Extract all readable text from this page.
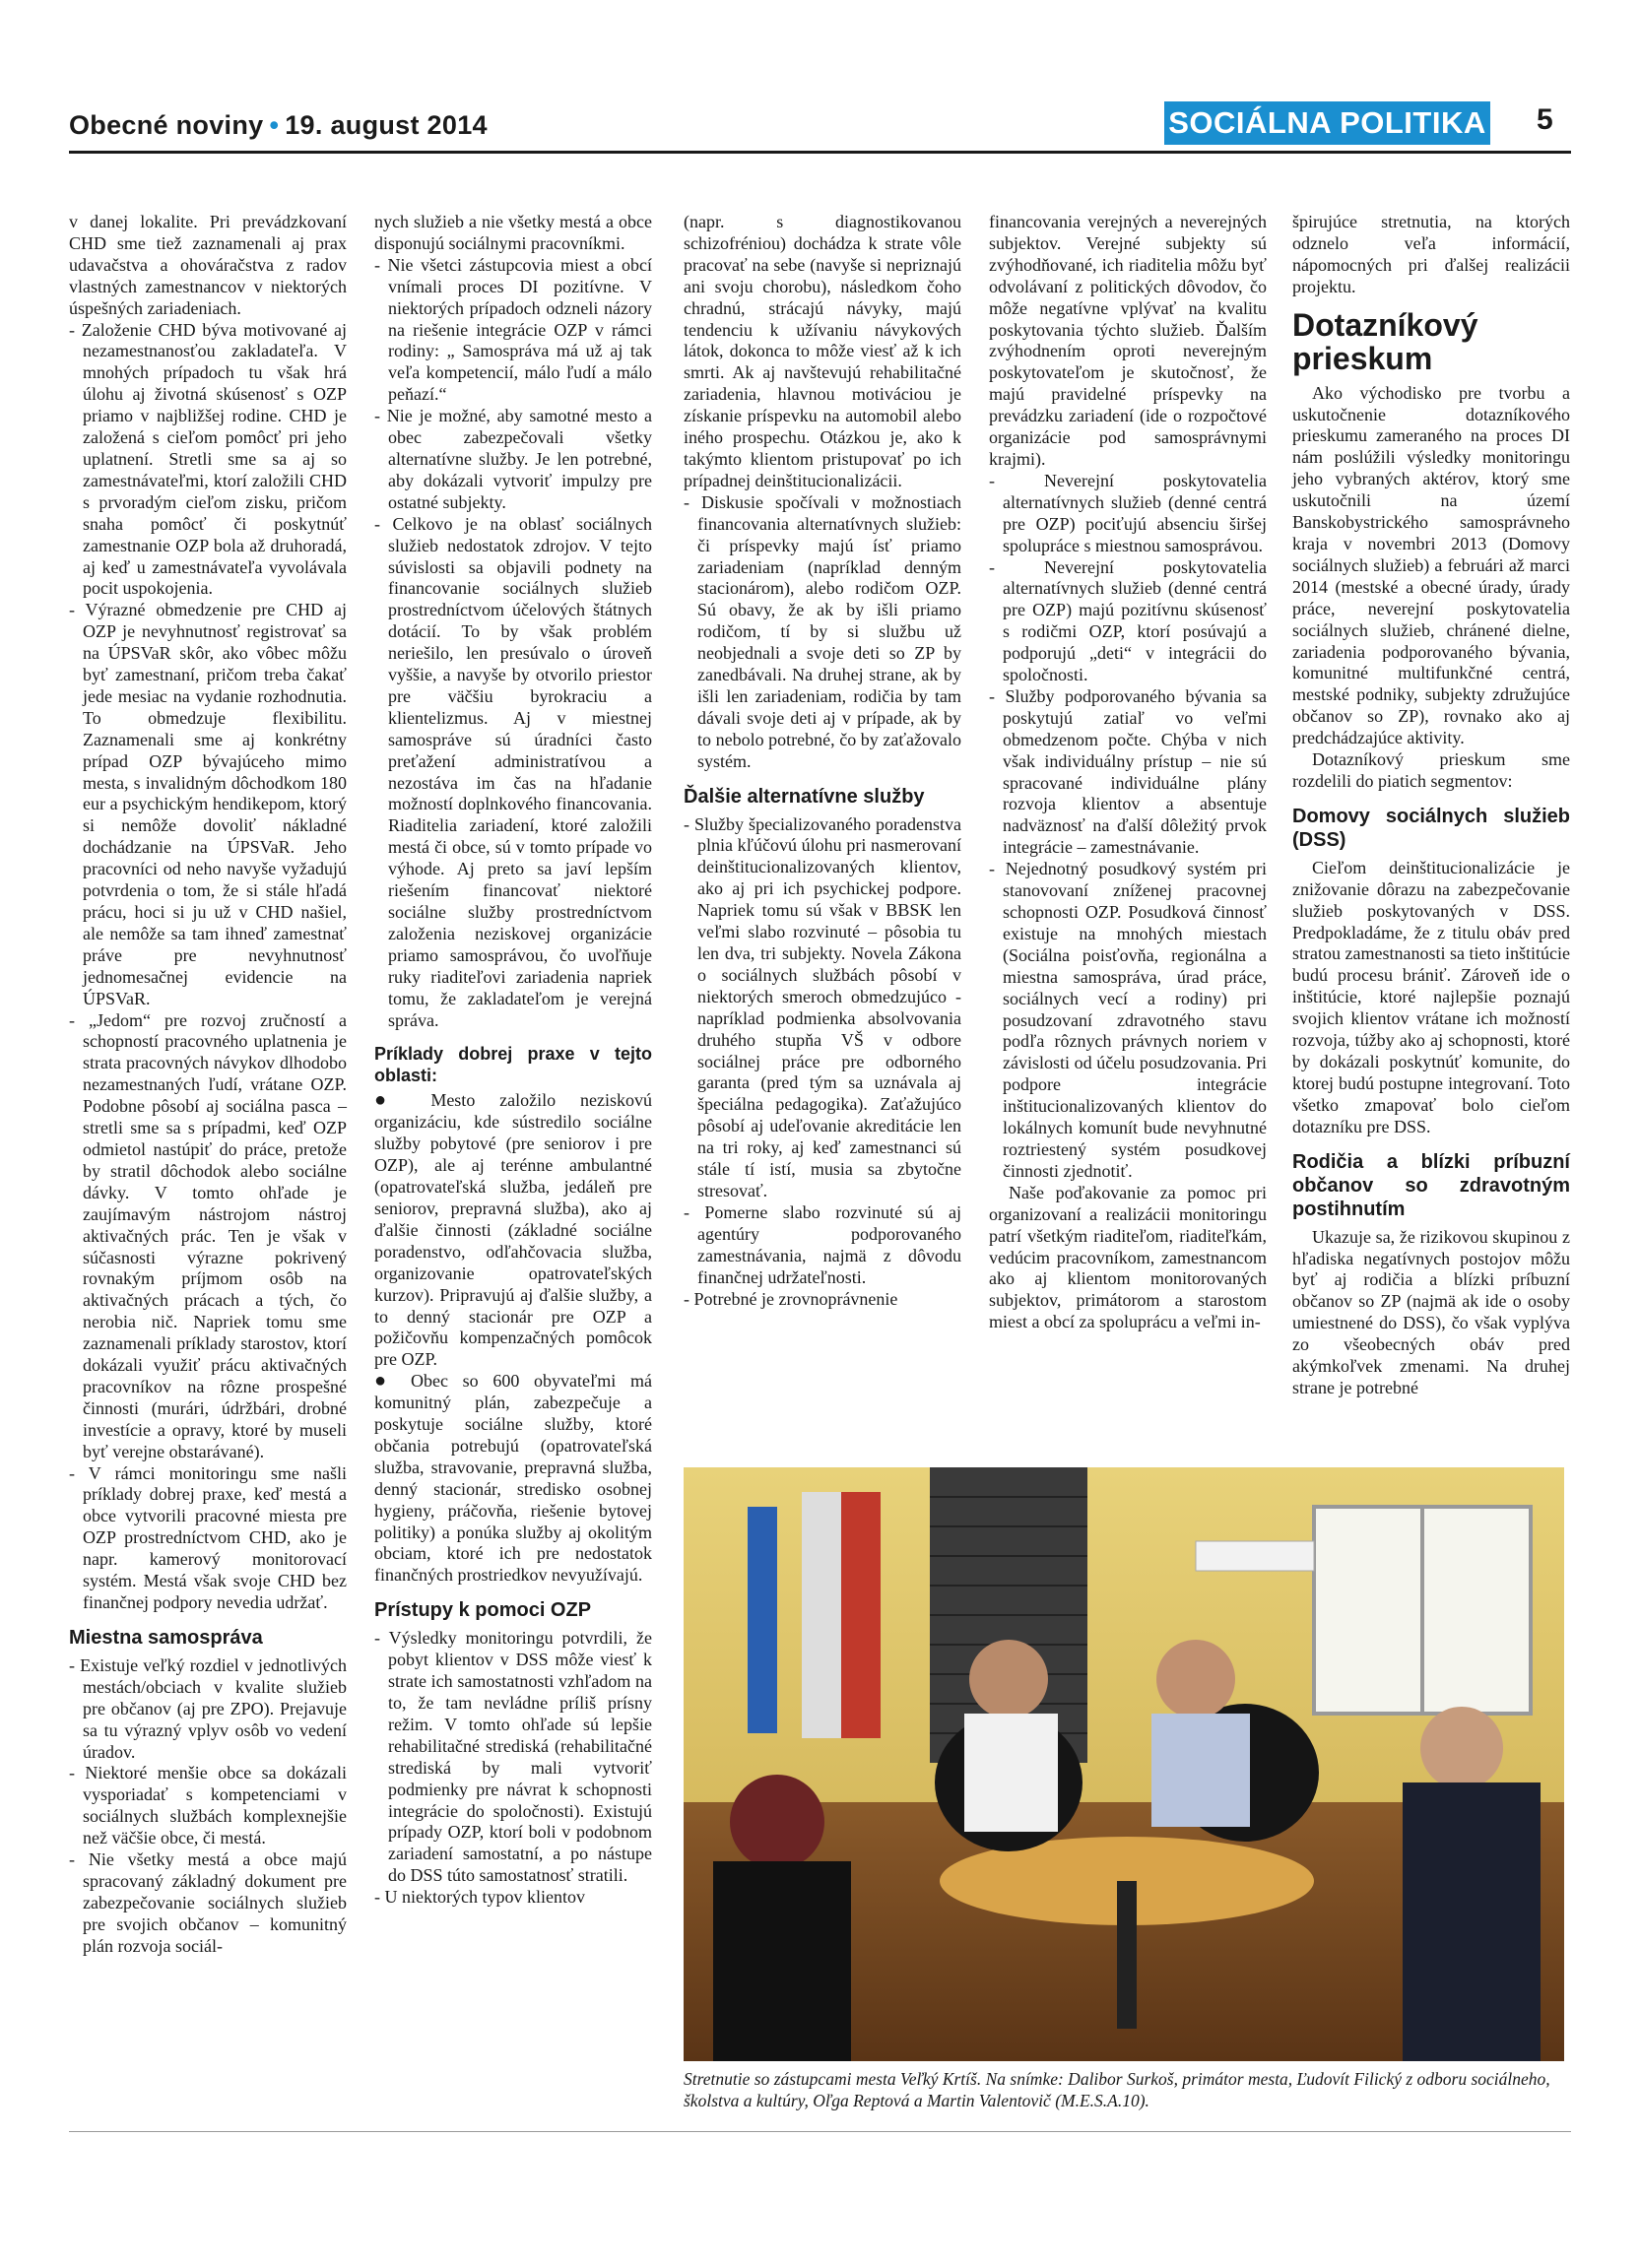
Obecné noviny • 19. august 2014	SOCIÁLNA POLITIKA 5

v danej lokalite. Pri prevádzkovaní CHD sme tiež zaznamenali aj prax udavačstva a ohováračstva z radov vlastných zamestnancov v niektorých úspešných zariadeniach.

- Založenie CHD býva motivované aj nezamestnanosťou zakladateľa. V mnohých prípadoch tu však hrá úlohu aj životná skúsenosť s OZP priamo v najbližšej rodine. CHD je založená s cieľom pomôcť pri jeho uplatnení. Stretli sme sa aj so zamestnávateľmi, ktorí založili CHD s prvoradým cieľom zisku, pričom snaha pomôcť či poskytnúť zamestnanie OZP bola až druhoradá, aj keď u zamestnávateľa vyvolávala pocit uspokojenia.

- Výrazné obmedzenie pre CHD aj OZP je nevyhnutnosť registrovať sa na ÚPSVaR skôr, ako vôbec môžu byť zamestnaní, pričom treba čakať jede mesiac na vydanie rozhodnutia. To obmedzuje flexibilitu. Zaznamenali sme aj konkrétny prípad OZP bývajúceho mimo mesta, s invalidným dôchodkom 180 eur a psychickým hendikepom, ktorý si nemôže dovoliť nákladné dochádzanie na ÚPSVaR. Jeho pracovníci od neho navyše vyžadujú potvrdenia o tom, že si stále hľadá prácu, hoci si ju už v CHD našiel, ale nemôže sa tam ihneď zamestnať práve pre nevyhnutnosť jednomesačnej evidencie na ÚPSVaR.

- „Jedom“ pre rozvoj zručností a schopností pracovného uplatnenia je strata pracovných návykov dlhodobo nezamestnaných ľudí, vrátane OZP. Podobne pôsobí aj sociálna pasca – stretli sme sa s prípadmi, keď OZP odmietol nastúpiť do práce, pretože by stratil dôchodok alebo sociálne dávky. V tomto ohľade je zaujímavým nástrojom nástroj aktivačných prác. Ten je však v súčasnosti výrazne pokrivený rovnakým príjmom osôb na aktivačných prácach a tých, čo nerobia nič. Napriek tomu sme zaznamenali príklady starostov, ktorí dokázali využiť prácu aktivačných pracovníkov na rôzne prospešné činnosti (murári, údržbári, drobné investície a opravy, ktoré by museli byť verejne obstarávané).

- V rámci monitoringu sme našli príklady dobrej praxe, keď mestá a obce vytvorili pracovné miesta pre OZP prostredníctvom CHD, ako je napr. kamerový monitorovací systém. Mestá však svoje CHD bez finančnej podpory nevedia udržať.

Miestna samospráva

- Existuje veľký rozdiel v jednotlivých mestách/obciach v kvalite služieb pre občanov (aj pre ZPO). Prejavuje sa tu výrazný vplyv osôb vo vedení úradov.

- Niektoré menšie obce sa dokázali vysporiadať s kompetenciami v sociálnych službách komplexnejšie než väčšie obce, či mestá.

- Nie všetky mestá a obce majú spracovaný základný dokument pre zabezpečovanie sociálnych služieb pre svojich občanov – komunitný plán rozvoja sociál-

nych služieb a nie všetky mestá a obce disponujú sociálnymi pracovníkmi.

- Nie všetci zástupcovia miest a obcí vnímali proces DI pozitívne. V niektorých prípadoch odzneli názory na riešenie integrácie OZP v rámci rodiny: „ Samospráva má už aj tak veľa kompetencií, málo ľudí a málo peňazí.“

- Nie je možné, aby samotné mesto a obec zabezpečovali všetky alternatívne služby. Je len potrebné, aby dokázali vytvoriť impulzy pre ostatné subjekty.

- Celkovo je na oblasť sociálnych služieb nedostatok zdrojov. V tejto súvislosti sa objavili podnety na financovanie sociálnych služieb prostredníctvom účelových štátnych dotácií. To by však problém neriešilo, len presúvalo o úroveň vyššie, a navyše by otvorilo priestor pre väčšiu byrokraciu a klientelizmus. Aj v miestnej samospráve sú úradníci často preťažení administratívou a nezostáva im čas na hľadanie možností doplnkového financovania. Riaditelia zariadení, ktoré založili mestá či obce, sú v tomto prípade vo výhode. Aj preto sa javí lepším riešením financovať niektoré sociálne služby prostredníctvom založenia neziskovej organizácie priamo samosprávou, čo uvoľňuje ruky riaditeľovi zariadenia napriek tomu, že zakladateľom je verejná správa.

Príklady dobrej praxe v tejto oblasti:

● Mesto založilo neziskovú organizáciu, kde sústredilo sociálne služby pobytové (pre seniorov i pre OZP), ale aj terénne ambulantné (opatrovateľská služba, jedáleň pre seniorov, prepravná služba), ako aj ďalšie činnosti (základné sociálne poradenstvo, odľahčovacia služba, organizovanie opatrovateľských kurzov). Pripravujú aj ďalšie služby, a to denný stacionár pre OZP a požičovňu kompenzačných pomôcok pre OZP.

● Obec so 600 obyvateľmi má komunitný plán, zabezpečuje a poskytuje sociálne služby, ktoré občania potrebujú (opatrovateľská služba, stravovanie, prepravná služba, denný stacionár, stredisko osobnej hygieny, práčovňa, riešenie bytovej politiky) a ponúka služby aj okolitým obciam, ktoré ich pre nedostatok finančných prostriedkov nevyužívajú.

Prístupy k pomoci OZP

- Výsledky monitoringu potvrdili, že pobyt klientov v DSS môže viesť k strate ich samostatnosti vzhľadom na to, že tam nevládne príliš prísny režim. V tomto ohľade sú lepšie rehabilitačné strediská (rehabilitačné strediská by mali vytvoriť podmienky pre návrat k schopnosti integrácie do spoločnosti). Existujú prípady OZP, ktorí boli v podobnom zariadení samostatní, a po nástupe do DSS túto samostatnosť stratili.

- U niektorých typov klientov

(napr. s diagnostikovanou schizofréniou) dochádza k strate vôle pracovať na sebe (navyše si nepriznajú ani svoju chorobu), následkom čoho chradnú, strácajú návyky, majú tendenciu k užívaniu návykových látok, dokonca to môže viesť až k ich smrti. Ak aj navštevujú rehabilitačné zariadenia, hlavnou motiváciou je získanie príspevku na automobil alebo iného prospechu. Otázkou je, ako k takýmto klientom pristupovať po ich prípadnej deinštitucionalizácii.

- Diskusie spočívali v možnostiach financovania alternatívnych služieb: či príspevky majú ísť priamo zariadeniam (napríklad denným stacionárom), alebo rodičom OZP. Sú obavy, že ak by išli priamo rodičom, tí by si službu už neobjednali a svoje deti so ZP by zanedbávali. Na druhej strane, ak by išli len zariadeniam, rodičia by tam dávali svoje deti aj v prípade, ak by to nebolo potrebné, čo by zaťažovalo systém.

Ďalšie alternatívne služby

- Služby špecializovaného poradenstva plnia kľúčovú úlohu pri nasmerovaní deinštitucionalizovaných klientov, ako aj pri ich psychickej podpore. Napriek tomu sú však v BBSK len veľmi slabo rozvinuté – pôsobia tu len dva, tri subjekty. Novela Zákona o sociálnych službách pôsobí v niektorých smeroch obmedzujúco - napríklad podmienka absolvovania druhého stupňa VŠ v odbore sociálnej práce pre odborného garanta (pred tým sa uznávala aj špeciálna pedagogika). Zaťažujúco pôsobí aj udeľovanie akreditácie len na tri roky, aj keď zamestnanci sú stále tí istí, musia sa zbytočne stresovať.

- Pomerne slabo rozvinuté sú aj agentúry podporovaného zamestnávania, najmä z dôvodu finančnej udržateľnosti.

- Potrebné je zrovnoprávnenie

financovania verejných a neverejných subjektov. Verejné subjekty sú zvýhodňované, ich riaditelia môžu byť odvolávaní z politických dôvodov, čo môže negatívne vplývať na kvalitu poskytovania týchto služieb. Ďalším zvýhodnením oproti neverejným poskytovateľom je skutočnosť, že majú pravidelné príspevky na prevádzku zariadení (ide o rozpočtové organizácie pod samosprávnymi krajmi).

- Neverejní poskytovatelia alternatívnych služieb (denné centrá pre OZP) pociťujú absenciu širšej spolupráce s miestnou samosprávou.

- Neverejní poskytovatelia alternatívnych služieb (denné centrá pre OZP) majú pozitívnu skúsenosť s rodičmi OZP, ktorí posúvajú a podporujú „deti“ v integrácii do spoločnosti.

- Služby podporovaného bývania sa poskytujú zatiaľ vo veľmi obmedzenom počte. Chýba v nich však individuálny prístup – nie sú spracované individuálne plány rozvoja klientov a absentuje nadväznosť na ďalší dôležitý prvok integrácie – zamestnávanie.

- Nejednotný posudkový systém pri stanovovaní zníženej pracovnej schopnosti OZP. Posudková činnosť existuje na mnohých miestach (Sociálna poisťovňa, regionálna a miestna samospráva, úrad práce, sociálnych vecí a rodiny) pri posudzovaní zdravotného stavu podľa rôznych právnych noriem v závislosti od účelu posudzovania. Pri podpore integrácie inštitucionalizovaných klientov do lokálnych komunít bude nevyhnutné roztriestený systém posudkovej činnosti zjednotiť.

Naše poďakovanie za pomoc pri organizovaní a realizácii monitoringu patrí všetkým riaditeľom, riaditeľkám, vedúcim pracovníkom, zamestnancom ako aj klientom monitorovaných subjektov, primátorom a starostom miest a obcí za spoluprácu a veľmi in-

špirujúce stretnutia, na ktorých odznelo veľa informácií, nápomocných pri ďalšej realizácii projektu.

Dotazníkový prieskum

Ako východisko pre tvorbu a uskutočnenie dotazníkového prieskumu zameraného na proces DI nám poslúžili výsledky monitoringu jeho vybraných aktérov, ktorý sme uskutočnili na území Banskobystrického samosprávneho kraja v novembri 2013 (Domovy sociálnych služieb) a februári až marci 2014 (mestské a obecné úrady, úrady práce, neverejní poskytovatelia sociálnych služieb, chránené dielne, zariadenia podporovaného bývania, komunitné multifunkčné centrá, mestské podniky, subjekty združujúce občanov so ZP), rovnako ako aj predchádzajúce aktivity.

Dotazníkový prieskum sme rozdelili do piatich segmentov:

Domovy sociálnych služieb (DSS)

Cieľom deinštitucionalizácie je znižovanie dôrazu na zabezpečovanie služieb poskytovaných v DSS. Predpokladáme, že z titulu obáv pred stratou zamestnanosti sa tieto inštitúcie budú procesu brániť. Zároveň ide o inštitúcie, ktoré najlepšie poznajú svojich klientov vrátane ich možností rozvoja, túžby ako aj schopnosti, ktoré by dokázali poskytnúť komunite, do ktorej budú postupne integrovaní. Toto všetko zmapovať bolo cieľom dotazníku pre DSS.

Rodičia a blízki príbuzní občanov so zdravotným postihnutím

Ukazuje sa, že rizikovou skupinou z hľadiska negatívnych postojov môžu byť aj rodičia a blízki príbuzní občanov so ZP (najmä ak ide o osoby umiestnené do DSS), čo však vyplýva zo všeobecných obáv pred akýmkoľvek zmenami. Na druhej strane je potrebné

Stretnutie so zástupcami mesta Veľký Krtíš. Na snímke: Dalibor Surkoš, primátor mesta, Ľudovít Filický z odboru sociálneho, školstva a kultúry, Oľga Reptová a Martin Valentovič (M.E.S.A.10).
